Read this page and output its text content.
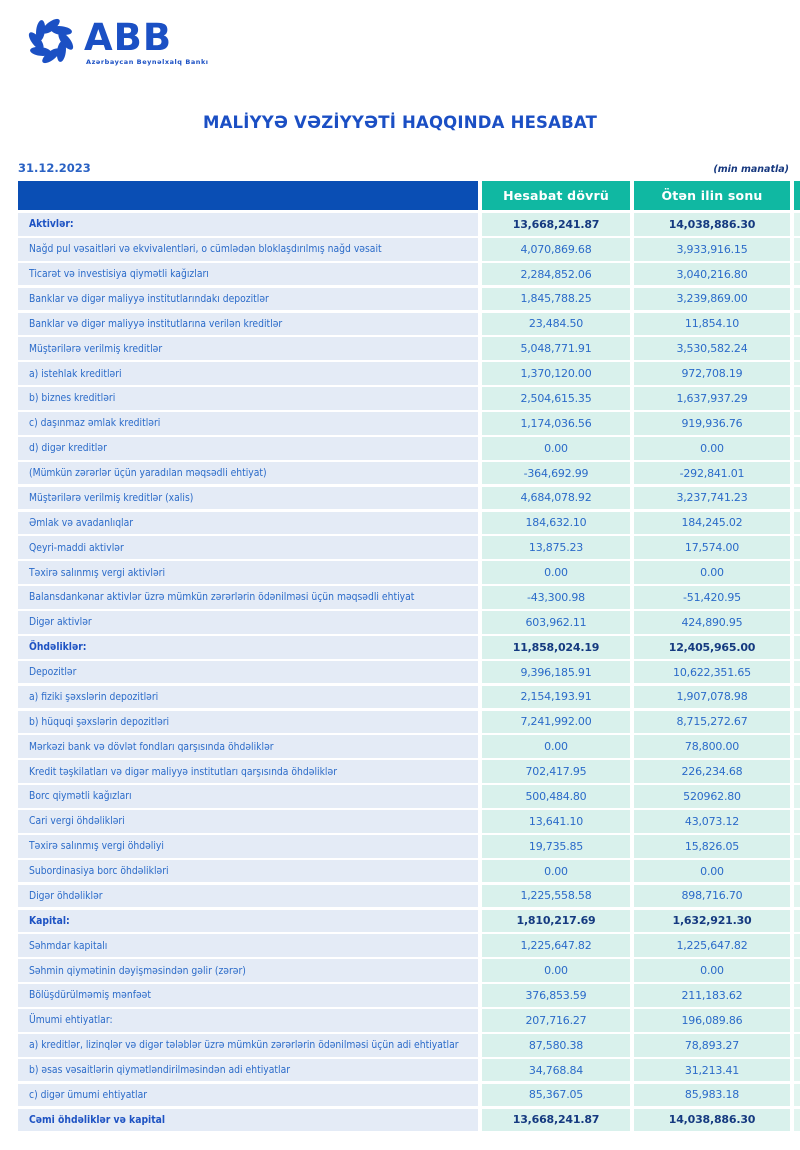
ABB
Azərbaycan Beynəlxalq Bankı
MALİYYƏ VƏZİYYƏTİ HAQQINDA HESABAT
31.12.2023	(min manatla)
Hesabat dövrü	Ötən ilin sonu
Aktivlər:	13,668,241.87	14,038,886.30
Nağd pul vəsaitləri və ekvivalentləri, o cümlədən bloklaşdırılmış nağd vəsait	4,070,869.68	3,933,916.15
Ticarət və investisiya qiymətli kağızları	2,284,852.06	3,040,216.80
Banklar və digər maliyyə institutlarındakı depozitlər	1,845,788.25	3,239,869.00
Banklar və digər maliyyə institutlarına verilən kreditlər	23,484.50	11,854.10
Müştərilərə verilmiş kreditlər	5,048,771.91	3,530,582.24
a) istehlak kreditləri	1,370,120.00	972,708.19
b) biznes kreditləri	2,504,615.35	1,637,937.29
c) daşınmaz əmlak kreditləri	1,174,036.56	919,936.76
d) digər kreditlər	0.00	0.00
(Mümkün zərərlər üçün yaradılan məqsədli ehtiyat)	-364,692.99	-292,841.01
Müştərilərə verilmiş kreditlər (xalis)	4,684,078.92	3,237,741.23
Əmlak və avadanlıqlar	184,632.10	184,245.02
Qeyri-maddi aktivlər	13,875.23	17,574.00
Təxirə salınmış vergi aktivləri	0.00	0.00
Balansdankənar aktivlər üzrə mümkün zərərlərin ödənilməsi üçün məqsədli ehtiyat	-43,300.98	-51,420.95
Digər aktivlər	603,962.11	424,890.95
Öhdəliklər:	11,858,024.19	12,405,965.00
Depozitlər	9,396,185.91	10,622,351.65
a) fiziki şəxslərin depozitləri	2,154,193.91	1,907,078.98
b) hüquqi şəxslərin depozitləri	7,241,992.00	8,715,272.67
Mərkəzi bank və dövlət fondları qarşısında öhdəliklər	0.00	78,800.00
Kredit təşkilatları və digər maliyyə institutları qarşısında öhdəliklər	702,417.95	226,234.68
Borc qiymətli kağızları	500,484.80	520962.80
Cari vergi öhdəlikləri	13,641.10	43,073.12
Təxirə salınmış vergi öhdəliyi	19,735.85	15,826.05
Subordinasiya borc öhdəlikləri	0.00	0.00
Digər öhdəliklər	1,225,558.58	898,716.70
Kapital:	1,810,217.69	1,632,921.30
Səhmdar kapitalı	1,225,647.82	1,225,647.82
Səhmin qiymətinin dəyişməsindən gəlir (zərər)	0.00	0.00
Bölüşdürülməmiş mənfəət	376,853.59	211,183.62
Ümumi ehtiyatlar:	207,716.27	196,089.86
a) kreditlər, lizinqlər və digər tələblər üzrə mümkün zərərlərin ödənilməsi üçün adi ehtiyatlar	87,580.38	78,893.27
b) əsas vəsaitlərin qiymətləndirilməsindən adi ehtiyatlar	34,768.84	31,213.41
c) digər ümumi ehtiyatlar	85,367.05	85,983.18
Cəmi öhdəliklər və kapital	13,668,241.87	14,038,886.30
